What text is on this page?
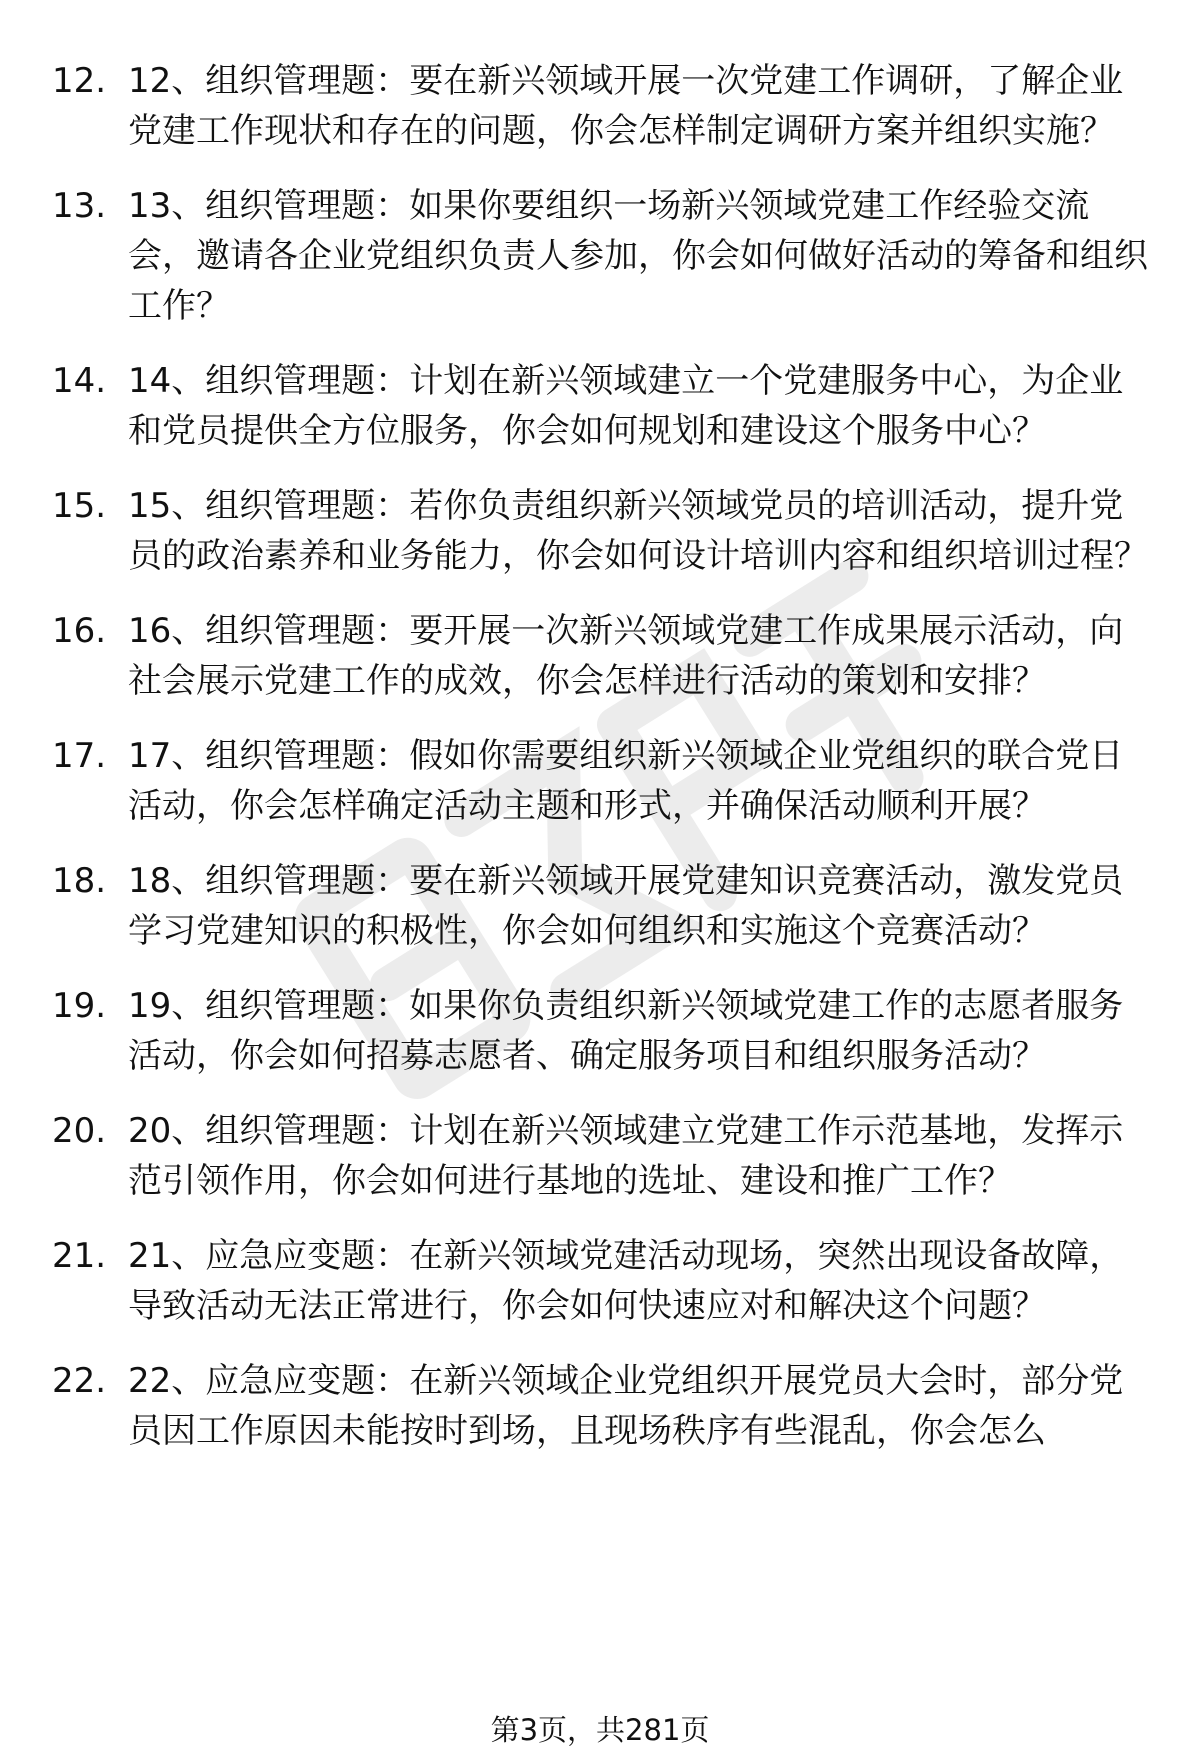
12. 12、组织管理题：要在新兴领域开展一次党建工作调研，了解企业党建工作现状和存在的问题，你会怎样制定调研方案并组织实施？
13. 13、组织管理题：如果你要组织一场新兴领域党建工作经验交流会，邀请各企业党组织负责人参加，你会如何做好活动的筹备和组织工作？
14. 14、组织管理题：计划在新兴领域建立一个党建服务中心，为企业和党员提供全方位服务，你会如何规划和建设这个服务中心？
15. 15、组织管理题：若你负责组织新兴领域党员的培训活动，提升党员的政治素养和业务能力，你会如何设计培训内容和组织培训过程？
16. 16、组织管理题：要开展一次新兴领域党建工作成果展示活动，向社会展示党建工作的成效，你会怎样进行活动的策划和安排？
17. 17、组织管理题：假如你需要组织新兴领域企业党组织的联合党日活动，你会怎样确定活动主题和形式，并确保活动顺利开展？
18. 18、组织管理题：要在新兴领域开展党建知识竞赛活动，激发党员学习党建知识的积极性，你会如何组织和实施这个竞赛活动？
19. 19、组织管理题：如果你负责组织新兴领域党建工作的志愿者服务活动，你会如何招募志愿者、确定服务项目和组织服务活动？
20. 20、组织管理题：计划在新兴领域建立党建工作示范基地，发挥示范引领作用，你会如何进行基地的选址、建设和推广工作？
21. 21、应急应变题：在新兴领域党建活动现场，突然出现设备故障，导致活动无法正常进行，你会如何快速应对和解决这个问题？
22. 22、应急应变题：在新兴领域企业党组织开展党员大会时，部分党员因工作原因未能按时到场，且现场秩序有些混乱，你会怎么
第3页，共281页
